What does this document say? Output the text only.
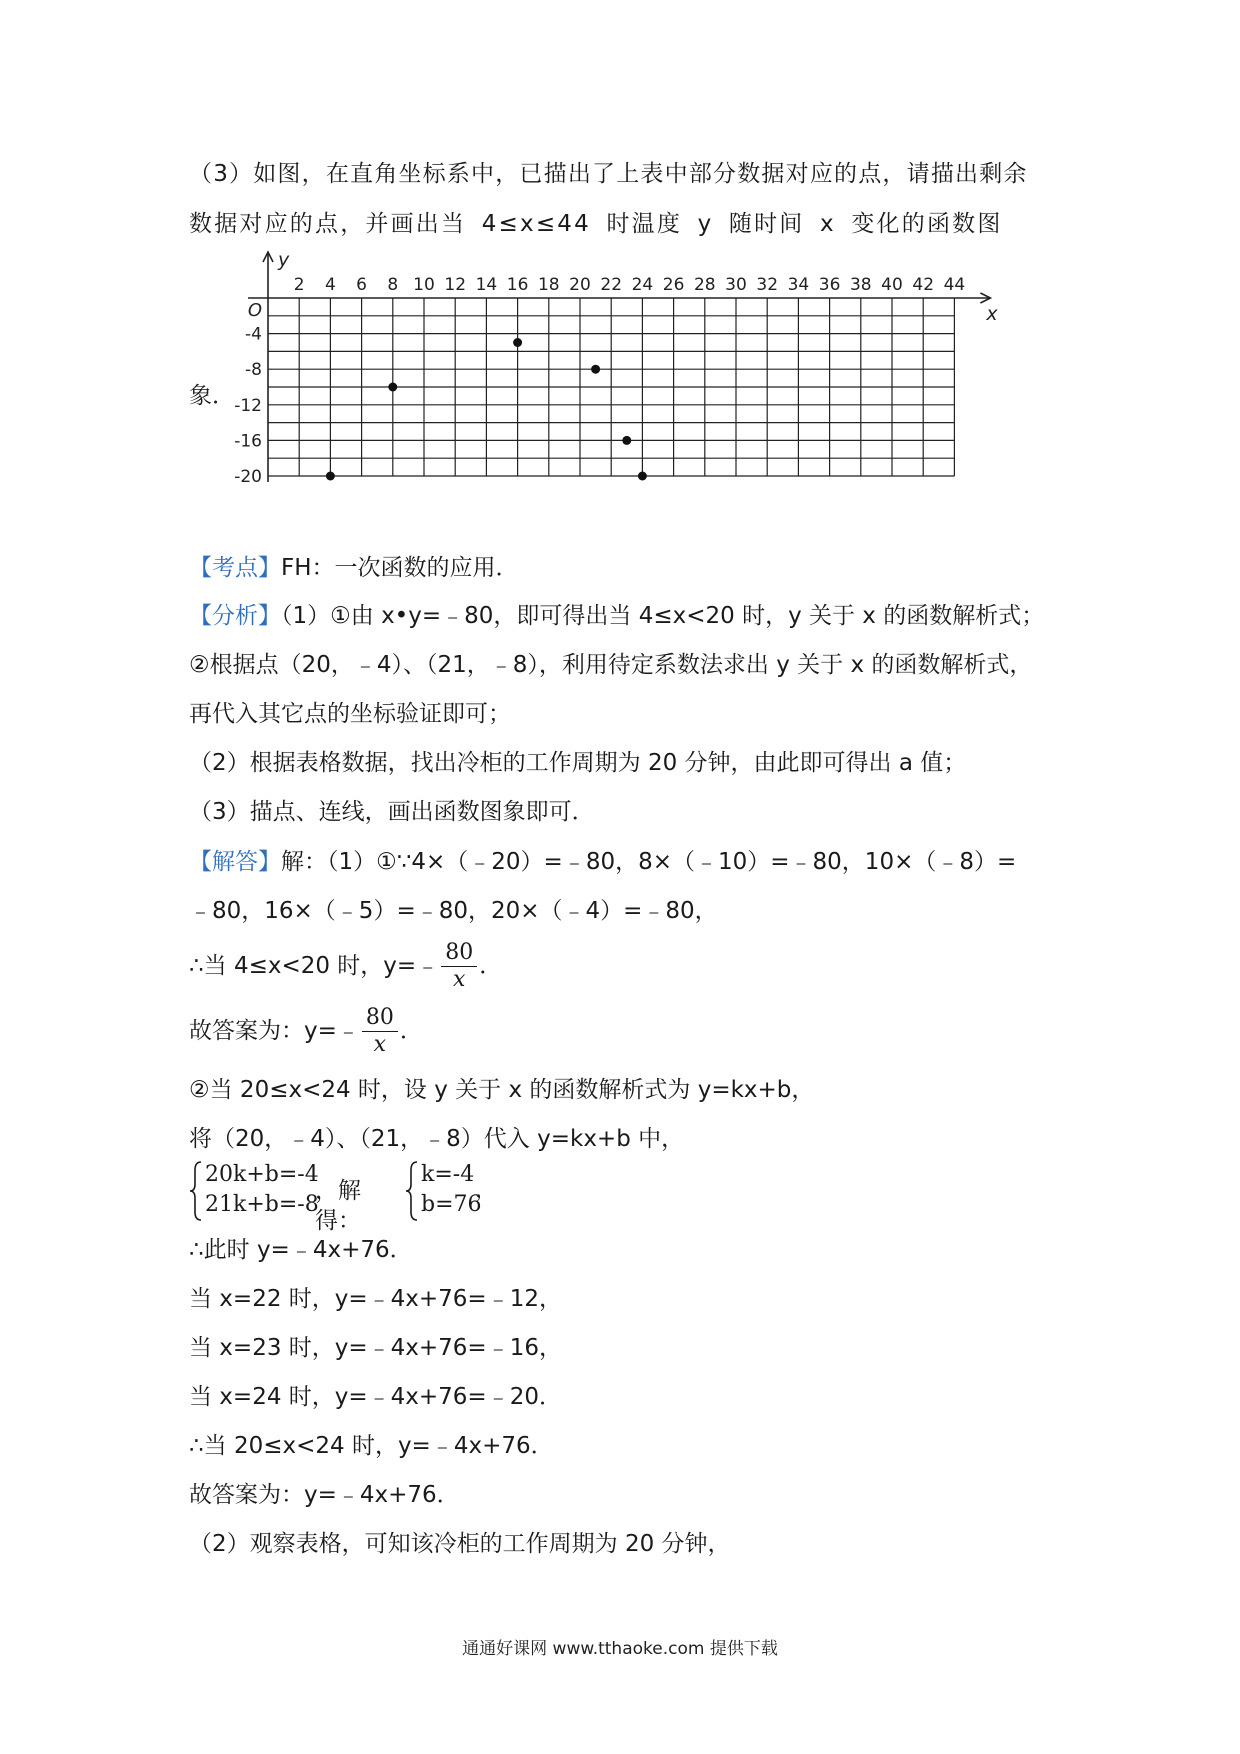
（3）如图，在直角坐标系中，已描出了上表中部分数据对应的点，请描出剩余
数据对应的点，并画出当 4≤x≤44 时温度 y 随时间 x 变化的函数图
象．
2 4 6 8 10 12 14 16 18 20 22 24 26 28 30 32 34 36 38 40 42 44
-4
-8
-12
-16
-20
O	x
y
【考点】FH：一次函数的应用．
【分析】（1）①由 x•y=﹣80，即可得出当 4≤x<20 时，y 关于 x 的函数解析式；
②根据点（20，﹣4）、（21，﹣8），利用待定系数法求出 y 关于 x 的函数解析式，
再代入其它点的坐标验证即可；
（2）根据表格数据，找出冷柜的工作周期为 20 分钟，由此即可得出 a 值；
（3）描点、连线，画出函数图象即可．
【解答】解：（1）①∵4×（﹣20）=﹣80，8×（﹣10）=﹣80，10×（﹣8）=
﹣80，16×（﹣5）=﹣80，20×（﹣4）=﹣80，
∴当 4≤x<20 时，y=﹣ $\frac{80}{x}$ ．
故答案为：y=﹣ $\frac{80}{x}$ ．
②当 20≤x<24 时，设 y 关于 x 的函数解析式为 y=kx+b，
将（20，﹣4）、（21，﹣8）代入 y=kx+b 中，
20k+b=-4
21k+b=-8
，解得：
k=-4
b=76
，
∴此时 y=﹣4x+76．
当 x=22 时，y=﹣4x+76=﹣12，
当 x=23 时，y=﹣4x+76=﹣16，
当 x=24 时，y=﹣4x+76=﹣20．
∴当 20≤x<24 时，y=﹣4x+76．
故答案为：y=﹣4x+76．
（2）观察表格，可知该冷柜的工作周期为 20 分钟，
通通好课网 www.tthaoke.com 提供下载
